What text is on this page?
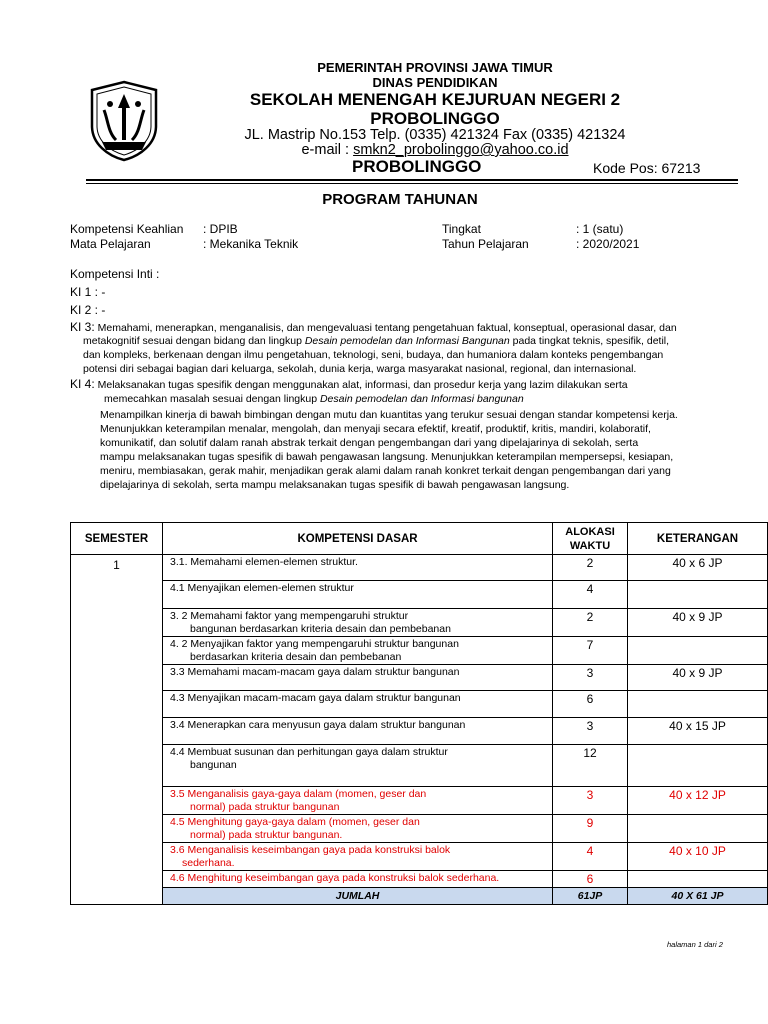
PEMERINTAH PROVINSI JAWA TIMUR
DINAS PENDIDIKAN
SEKOLAH MENENGAH KEJURUAN NEGERI 2
PROBOLINGGO
JL. Mastrip No.153 Telp. (0335) 421324 Fax (0335) 421324
e-mail : smkn2_probolinggo@yahoo.co.id
PROBOLINGGO	Kode Pos: 67213
PROGRAM TAHUNAN
Kompetensi Keahlian : DPIB
Mata Pelajaran	: Mekanika Teknik
Tingkat	: 1 (satu)
Tahun Pelajaran	: 2020/2021
Kompetensi Inti :
KI 1 : -
KI 2 : -
KI 3: Memahami, menerapkan, menganalisis, dan mengevaluasi tentang pengetahuan faktual, konseptual, operasional dasar, dan
metakognitif sesuai dengan bidang dan lingkup Desain pemodelan dan Informasi Bangunan pada tingkat teknis, spesifik, detil,
dan kompleks, berkenaan dengan ilmu pengetahuan, teknologi, seni, budaya, dan humaniora dalam konteks pengembangan
potensi diri sebagai bagian dari keluarga, sekolah, dunia kerja, warga masyarakat nasional, regional, dan internasional.
KI 4: Melaksanakan tugas spesifik dengan menggunakan alat, informasi, dan prosedur kerja yang lazim dilakukan serta
memecahkan masalah sesuai dengan lingkup Desain pemodelan dan Informasi bangunan
Menampilkan kinerja di bawah bimbingan dengan mutu dan kuantitas yang terukur sesuai dengan standar kompetensi kerja.
Menunjukkan keterampilan menalar, mengolah, dan menyaji secara efektif, kreatif, produktif, kritis, mandiri, kolaboratif,
komunikatif, dan solutif dalam ranah abstrak terkait dengan pengembangan dari yang dipelajarinya di sekolah, serta
mampu melaksanakan tugas spesifik di bawah pengawasan langsung. Menunjukkan keterampilan mempersepsi, kesiapan,
meniru, membiasakan, gerak mahir, menjadikan gerak alami dalam ranah konkret terkait dengan pengembangan dari yang
dipelajarinya di sekolah, serta mampu melaksanakan tugas spesifik di bawah pengawasan langsung.
SEMESTER	KOMPETENSI DASAR	ALOKASI WAKTU	KETERANGAN
1	3.1. Memahami elemen-elemen struktur.	2	40 x 6 JP
	4.1 Menyajikan elemen-elemen struktur	4	
	3. 2 Memahami faktor yang mempengaruhi struktur
bangunan berdasarkan kriteria desain dan pembebanan	2	40 x 9 JP
	4. 2 Menyajikan faktor yang mempengaruhi struktur bangunan
berdasarkan kriteria desain dan pembebanan	7	
	3.3 Memahami macam-macam gaya dalam struktur bangunan	3	40 x 9 JP
	4.3 Menyajikan macam-macam gaya dalam struktur bangunan	6	
	3.4 Menerapkan cara menyusun gaya dalam struktur bangunan	3	40 x 15 JP
	4.4 Membuat susunan dan perhitungan gaya dalam struktur
bangunan	12	
	3.5 Menganalisis gaya-gaya dalam (momen, geser dan
normal) pada struktur bangunan	3	40 x 12 JP
	4.5 Menghitung gaya-gaya dalam (momen, geser dan
normal) pada struktur bangunan.	9	
	3.6 Menganalisis keseimbangan gaya pada konstruksi balok
sederhana.	4	40 x 10 JP
	4.6 Menghitung keseimbangan gaya pada konstruksi balok sederhana.	6	
	JUMLAH	61JP	40 X 61 JP
halaman 1 dari 2
